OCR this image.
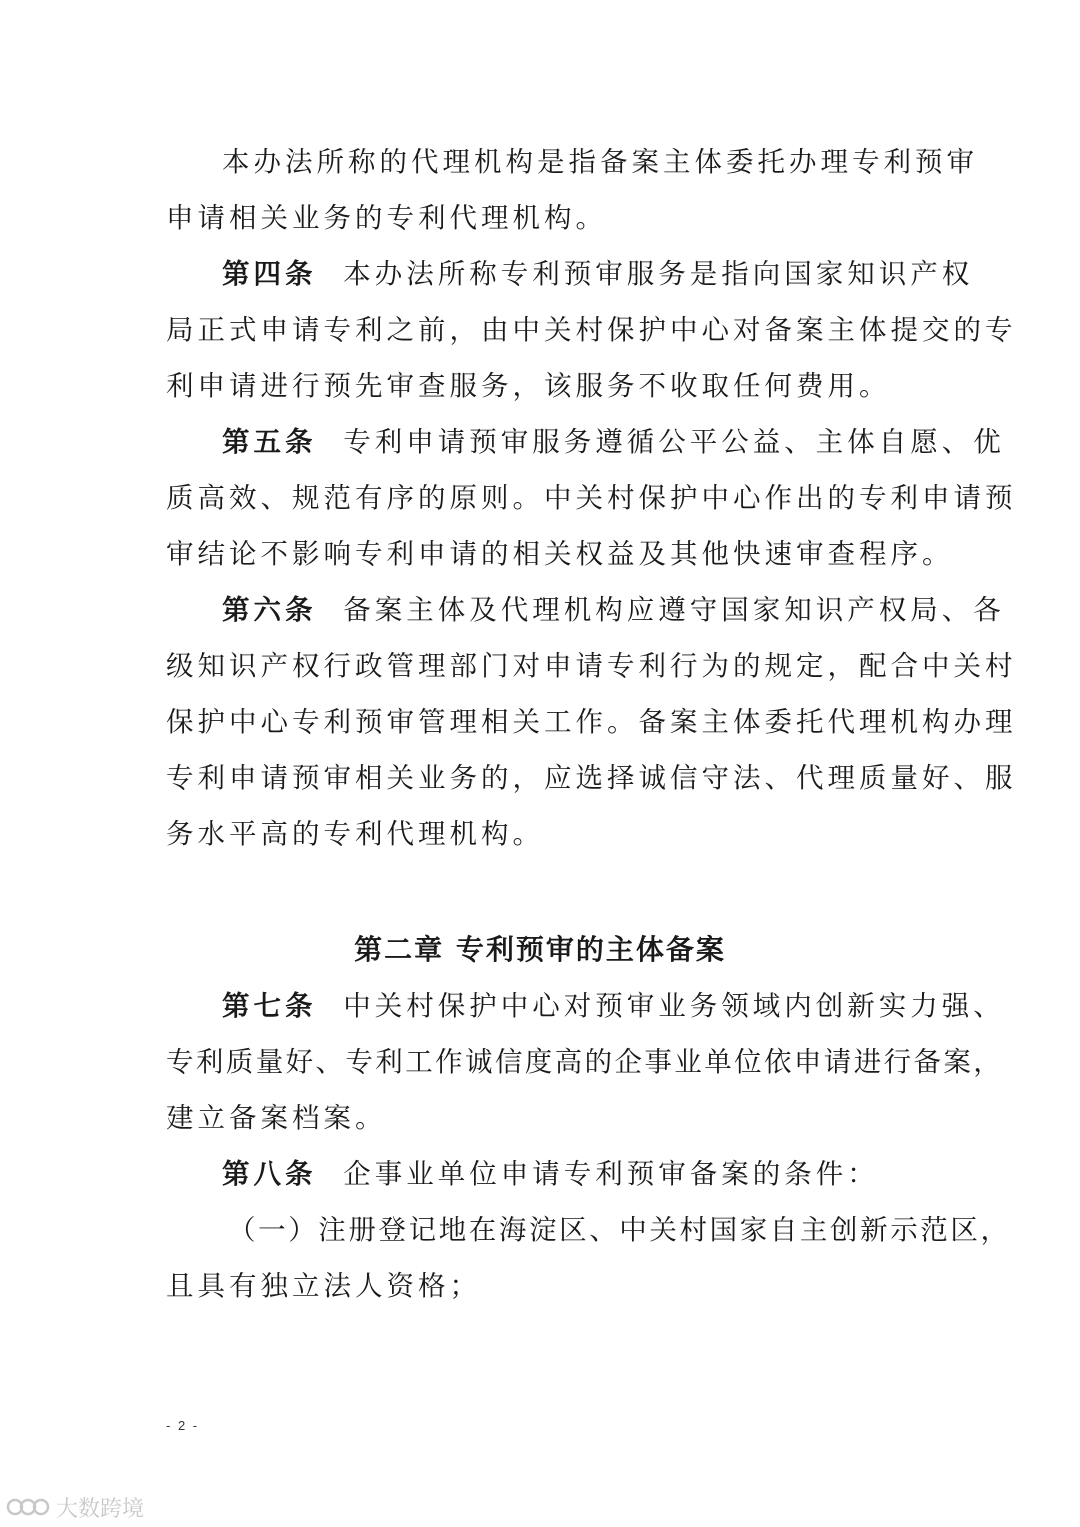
本办法所称的代理机构是指备案主体委托办理专利预审
申请相关业务的专利代理机构。
第四条 本办法所称专利预审服务是指向国家知识产权
局正式申请专利之前，由中关村保护中心对备案主体提交的专
利申请进行预先审查服务，该服务不收取任何费用。
第五条 专利申请预审服务遵循公平公益、主体自愿、优
质高效、规范有序的原则。中关村保护中心作出的专利申请预
审结论不影响专利申请的相关权益及其他快速审查程序。
第六条 备案主体及代理机构应遵守国家知识产权局、各
级知识产权行政管理部门对申请专利行为的规定，配合中关村
保护中心专利预审管理相关工作。备案主体委托代理机构办理
专利申请预审相关业务的，应选择诚信守法、代理质量好、服
务水平高的专利代理机构。
第二章 专利预审的主体备案
第七条 中关村保护中心对预审业务领域内创新实力强、
专利质量好、专利工作诚信度高的企事业单位依申请进行备案，
建立备案档案。
第八条 企事业单位申请专利预审备案的条件：
（一）注册登记地在海淀区、中关村国家自主创新示范区，
且具有独立法人资格；
- 2 -
大数跨境
